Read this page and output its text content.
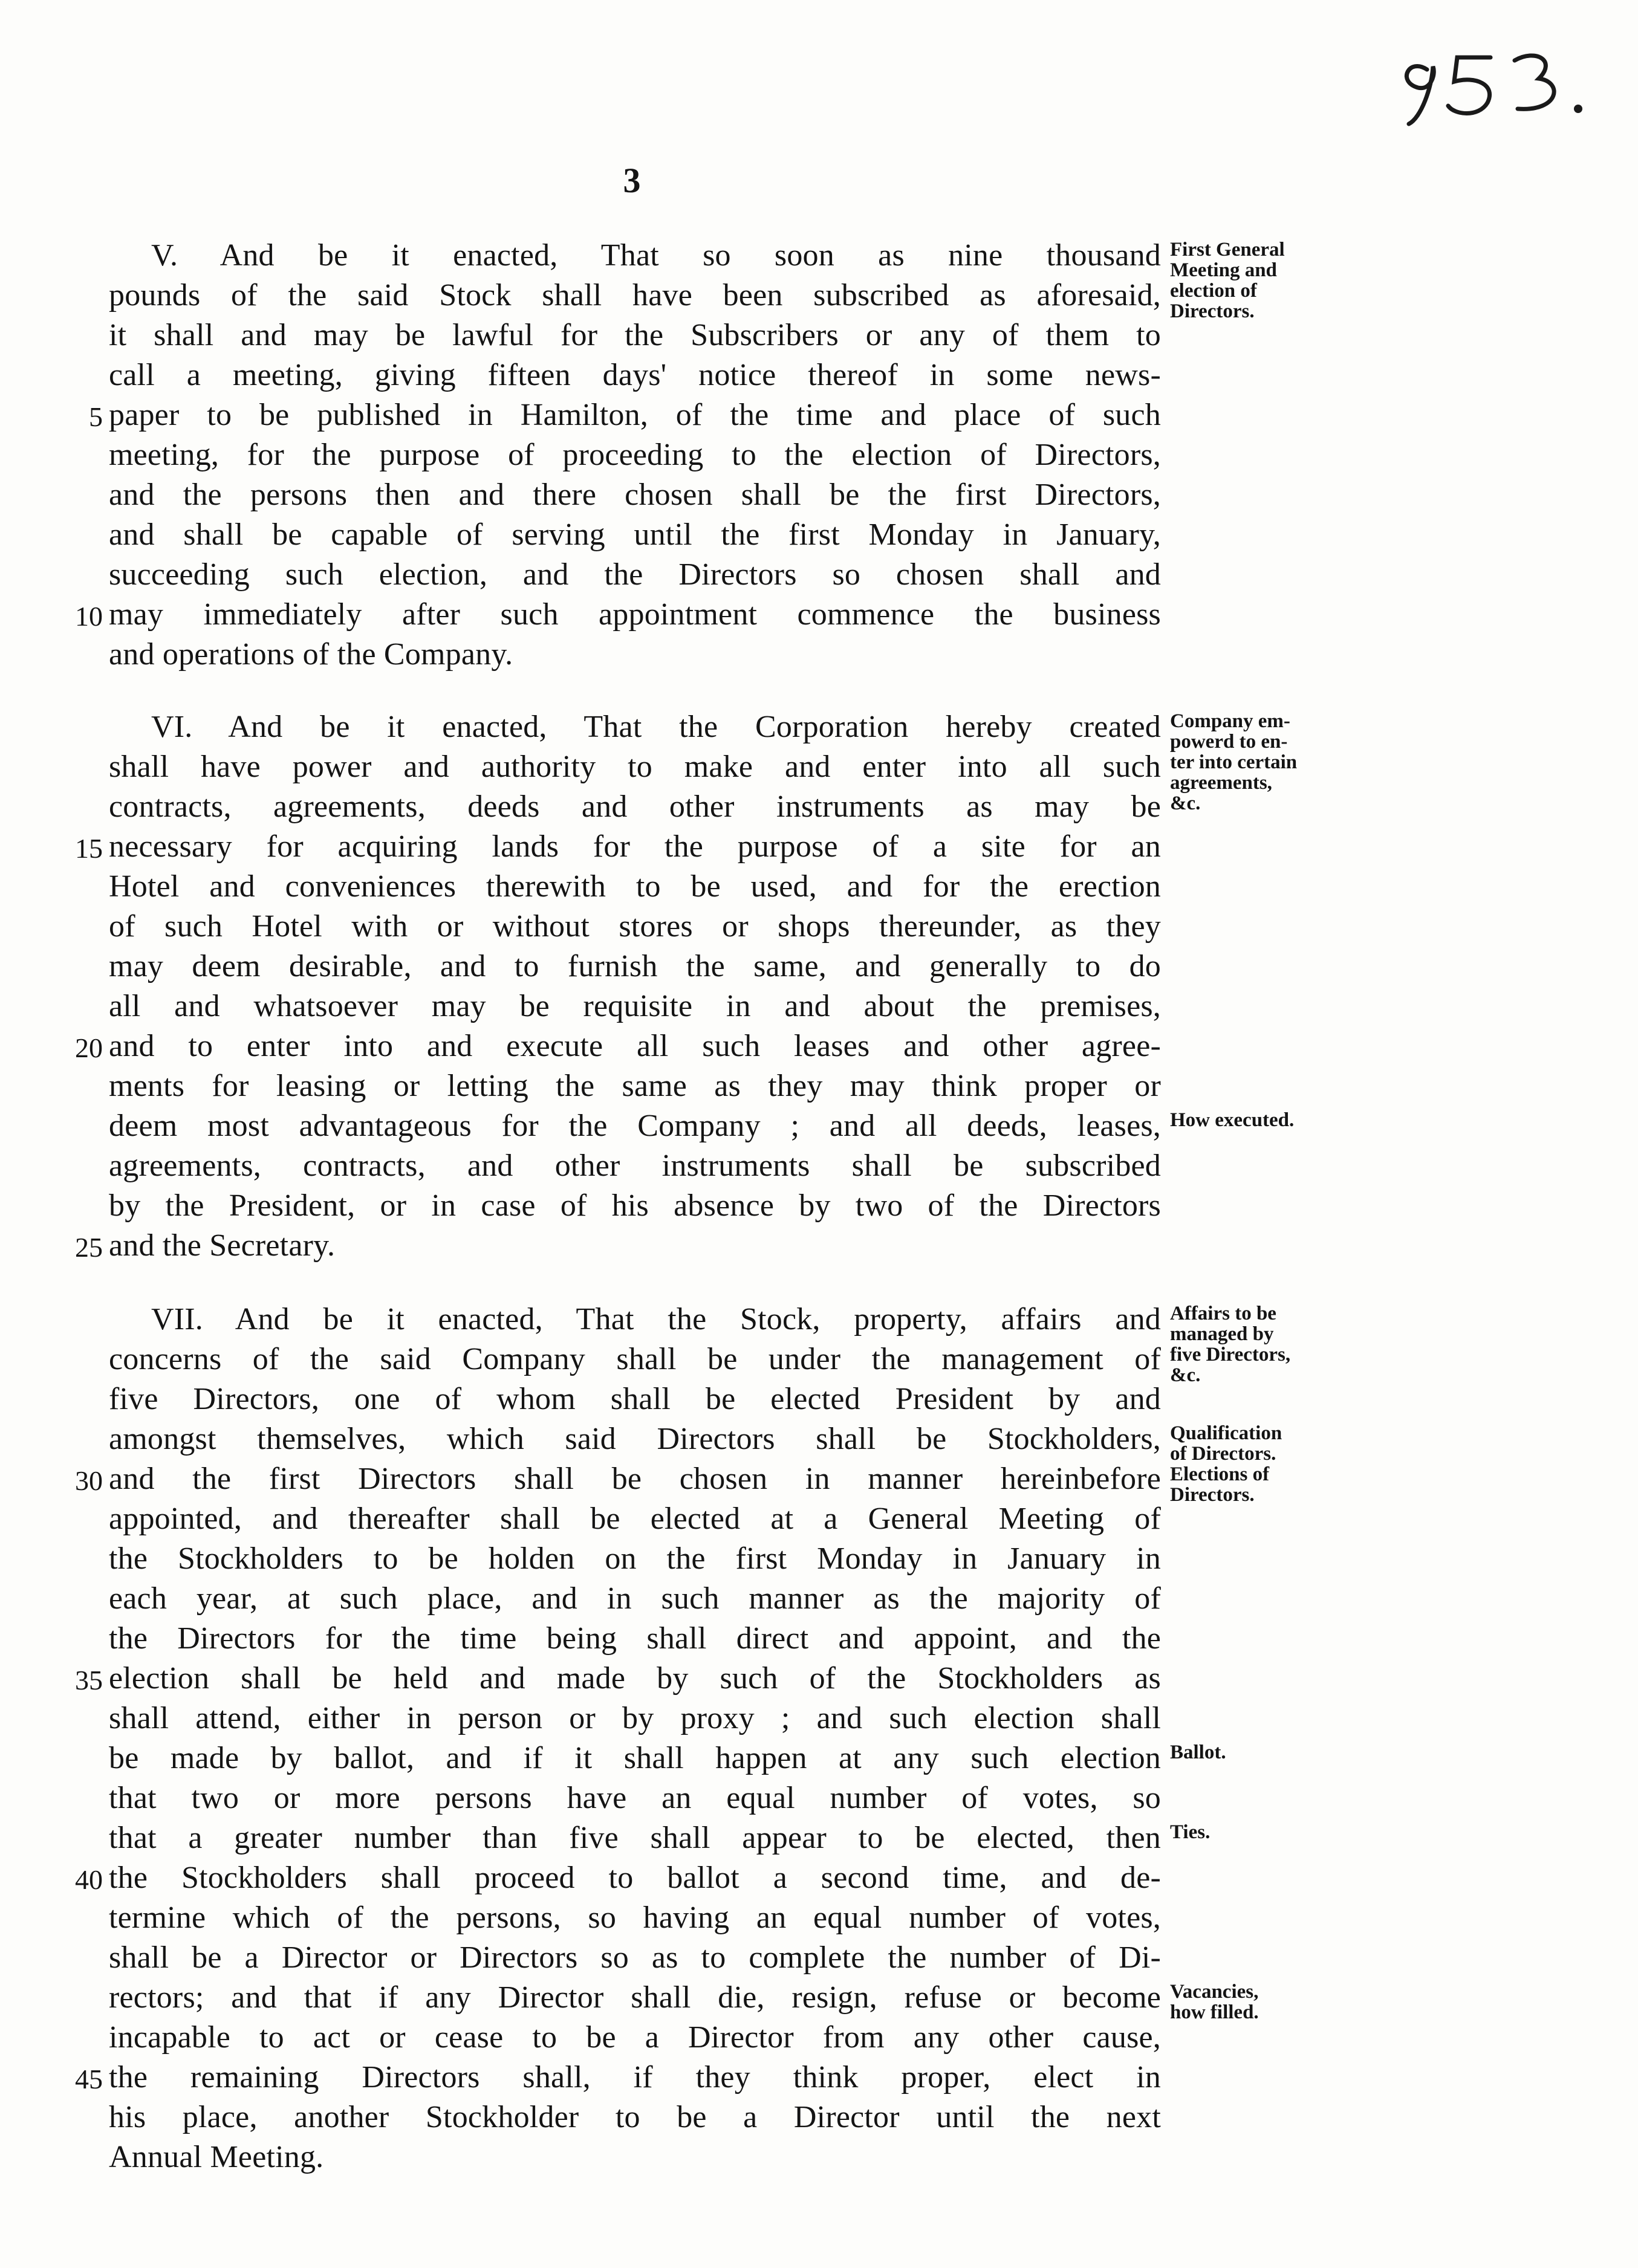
3
V. And be it enacted, That so soon as nine thousand
pounds of the said Stock shall have been subscribed as aforesaid,
it shall and may be lawful for the Subscribers or any of them to
call a meeting, giving fifteen days' notice thereof in some news-
paper to be published in Hamilton, of the time and place of such
5
meeting, for the purpose of proceeding to the election of Directors,
and the persons then and there chosen shall be the first Directors,
and shall be capable of serving until the first Monday in January,
succeeding such election, and the Directors so chosen shall and
may immediately after such appointment commence the business
10
and operations of the Company.
First General
Meeting and
election of
Directors.
VI. And be it enacted, That the Corporation hereby created
shall have power and authority to make and enter into all such
contracts, agreements, deeds and other instruments as may be
necessary for acquiring lands for the purpose of a site for an
15
Hotel and conveniences therewith to be used, and for the erection
of such Hotel with or without stores or shops thereunder, as they
may deem desirable, and to furnish the same, and generally to do
all and whatsoever may be requisite in and about the premises,
and to enter into and execute all such leases and other agree-
20
ments for leasing or letting the same as they may think proper or
deem most advantageous for the Company ; and all deeds, leases,
agreements, contracts, and other instruments shall be subscribed
by the President, or in case of his absence by two of the Directors
and the Secretary.
25
Company em-
powerd to en-
ter into certain
agreements,
&c.
How executed.
VII. And be it enacted, That the Stock, property, affairs and
concerns of the said Company shall be under the management of
five Directors, one of whom shall be elected President by and
amongst themselves, which said Directors shall be Stockholders,
and the first Directors shall be chosen in manner hereinbefore
30
appointed, and thereafter shall be elected at a General Meeting of
the Stockholders to be holden on the first Monday in January in
each year, at such place, and in such manner as the majority of
the Directors for the time being shall direct and appoint, and the
election shall be held and made by such of the Stockholders as
35
shall attend, either in person or by proxy ; and such election shall
be made by ballot, and if it shall happen at any such election
that two or more persons have an equal number of votes, so
that a greater number than five shall appear to be elected, then
the Stockholders shall proceed to ballot a second time, and de-
40
termine which of the persons, so having an equal number of votes,
shall be a Director or Directors so as to complete the number of Di-
rectors; and that if any Director shall die, resign, refuse or become
incapable to act or cease to be a Director from any other cause,
the remaining Directors shall, if they think proper, elect in
45
his place, another Stockholder to be a Director until the next
Annual Meeting.
Affairs to be
managed by
five Directors,
&c.
Qualification
of Directors.
Elections of
Directors.
Ballot.
Ties.
Vacancies,
how filled.
